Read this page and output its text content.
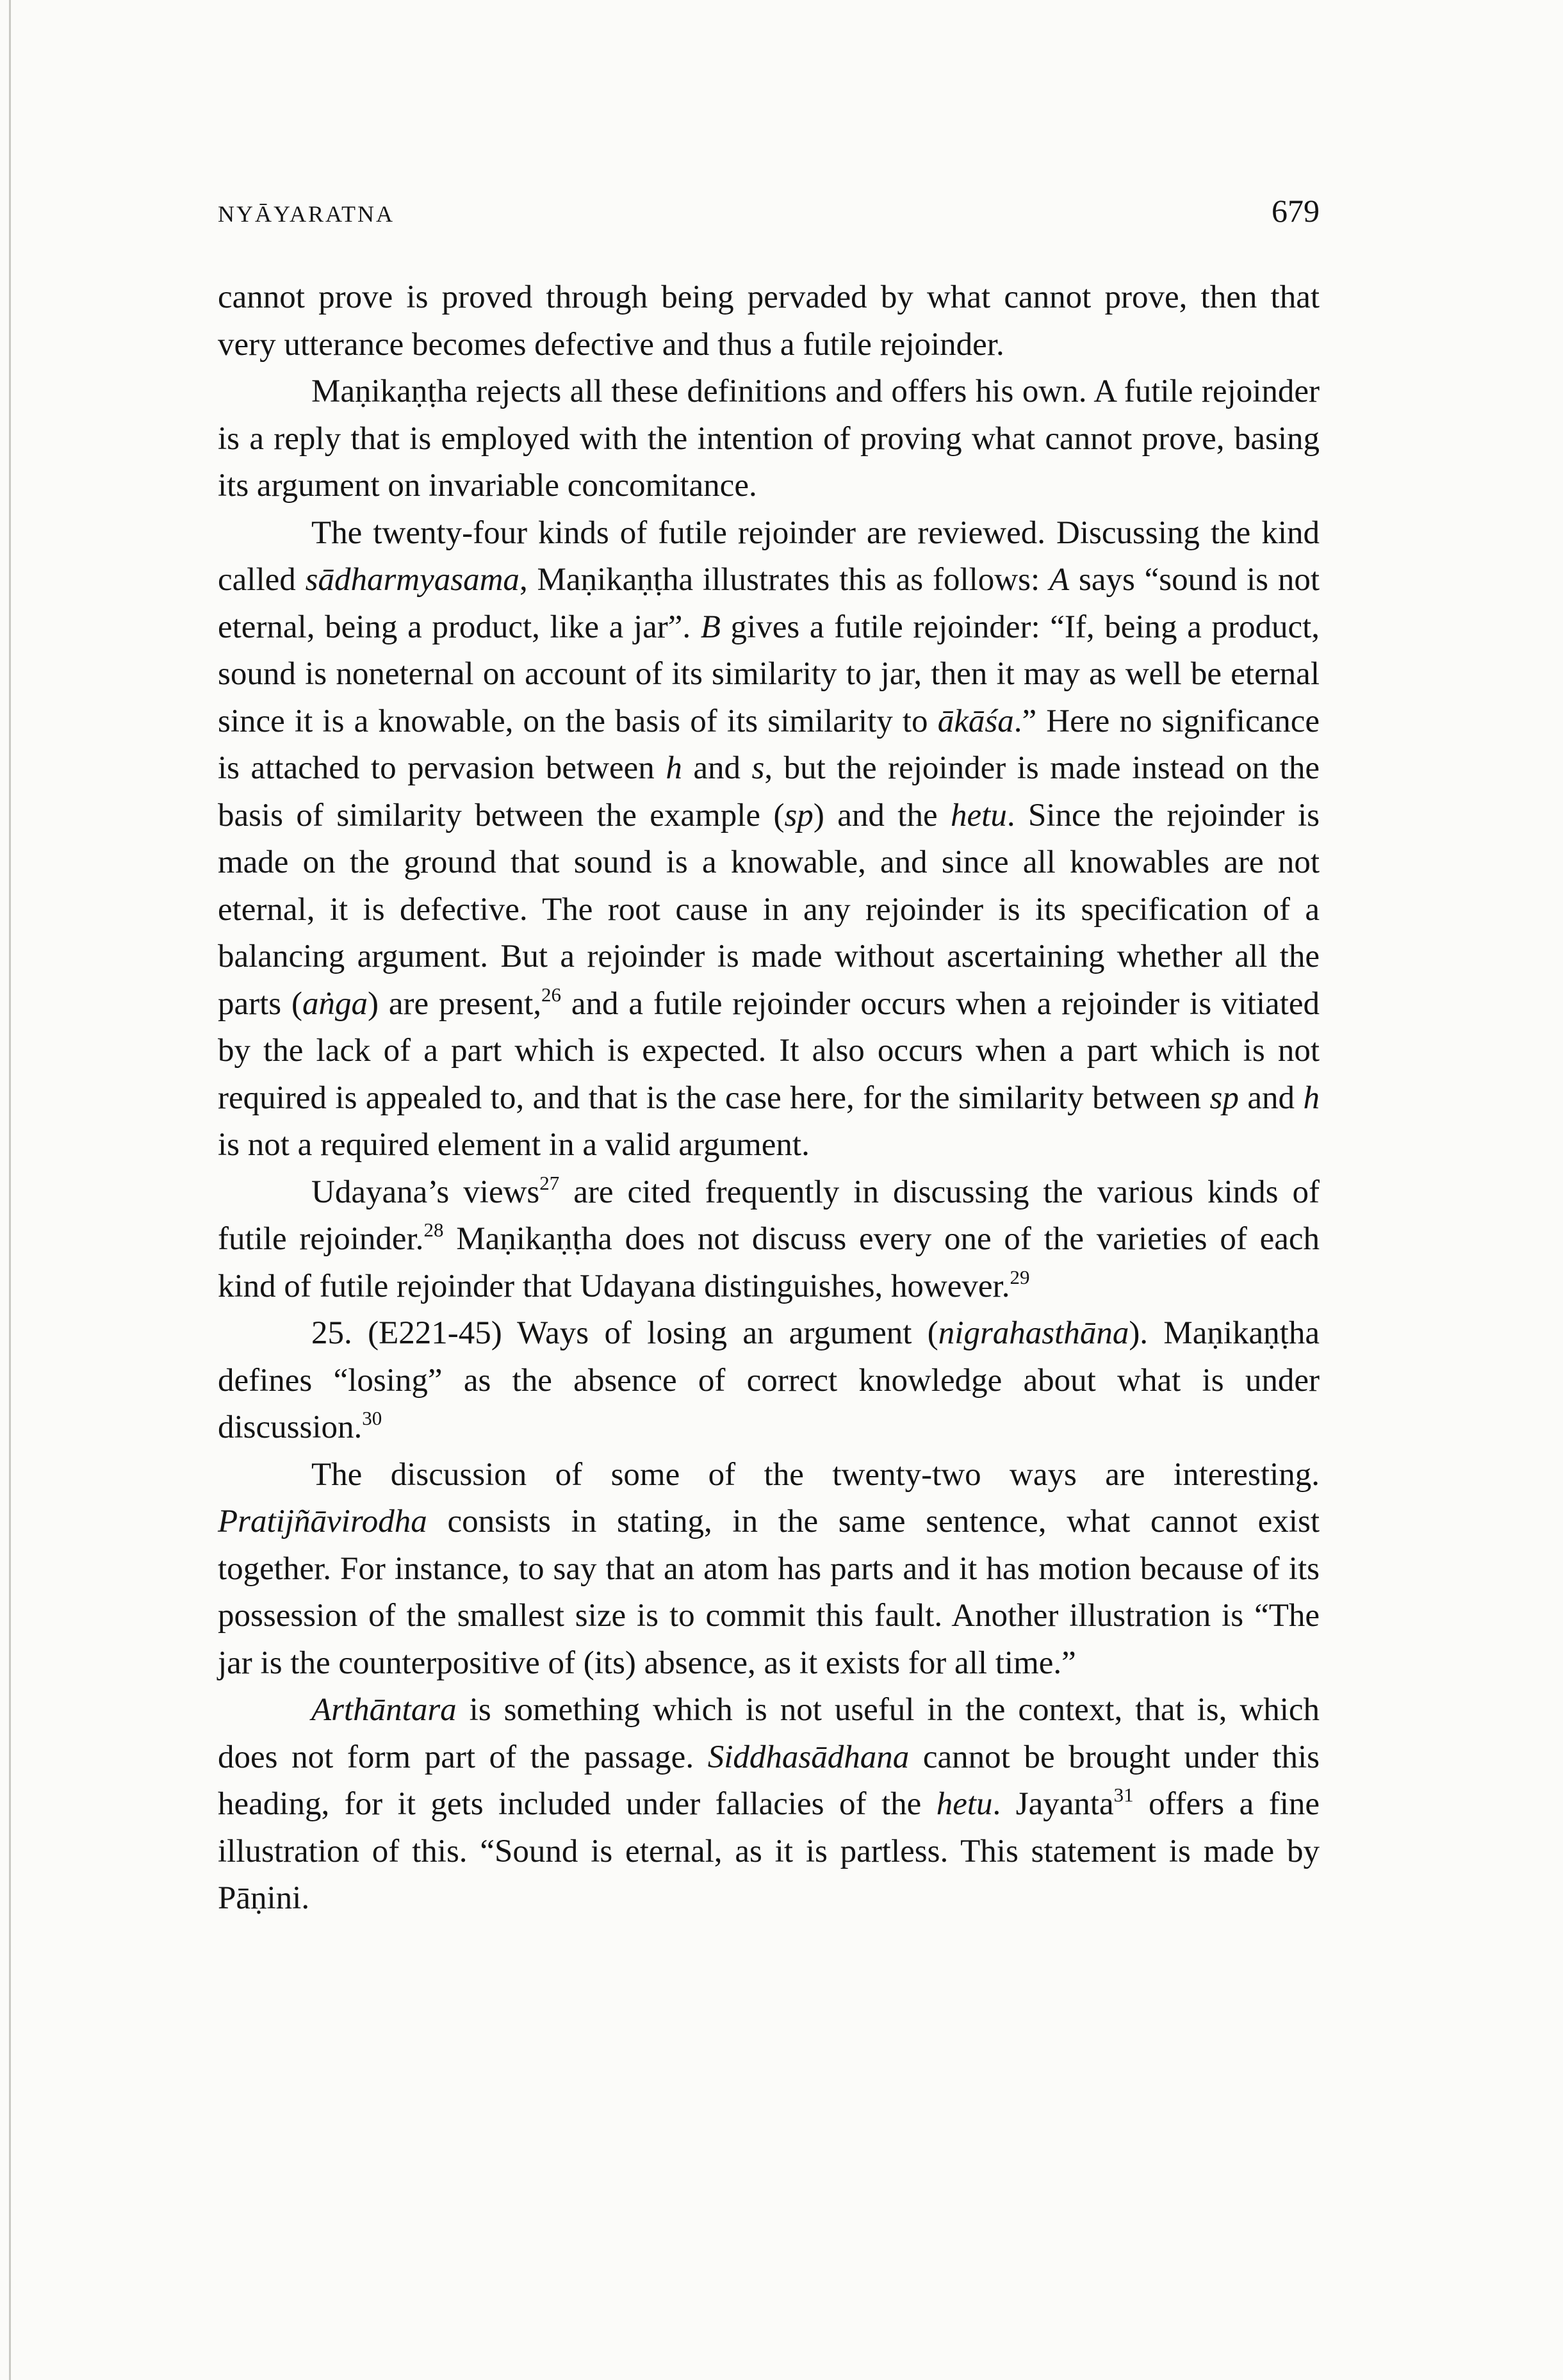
NYĀYARATNA	679

cannot prove is proved through being pervaded by what cannot prove, then that very utterance becomes defective and thus a futile rejoinder.

Maṇikaṇṭha rejects all these definitions and offers his own. A futile rejoinder is a reply that is employed with the intention of proving what cannot prove, basing its argument on invariable concomitance.

The twenty-four kinds of futile rejoinder are reviewed. Discussing the kind called sādharmyasama, Maṇikaṇṭha illustrates this as follows: A says “sound is not eternal, being a product, like a jar”. B gives a futile rejoinder: “If, being a product, sound is noneternal on account of its similarity to jar, then it may as well be eternal since it is a knowable, on the basis of its similarity to ākāśa.” Here no significance is attached to pervasion between h and s, but the rejoinder is made instead on the basis of similarity between the example (sp) and the hetu. Since the rejoinder is made on the ground that sound is a knowable, and since all knowables are not eternal, it is defective. The root cause in any rejoinder is its specification of a balancing argument. But a rejoinder is made without ascertaining whether all the parts (aṅga) are present,$^{26}$ and a futile rejoinder occurs when a rejoinder is vitiated by the lack of a part which is expected. It also occurs when a part which is not required is appealed to, and that is the case here, for the similarity between sp and h is not a required element in a valid argument.

Udayana’s views$^{27}$ are cited frequently in discussing the various kinds of futile rejoinder.$^{28}$ Maṇikaṇṭha does not discuss every one of the varieties of each kind of futile rejoinder that Udayana distinguishes, however.$^{29}$

25. (E221-45) Ways of losing an argument (nigrahasthāna). Maṇikaṇṭha defines “losing” as the absence of correct knowledge about what is under discussion.$^{30}$

The discussion of some of the twenty-two ways are interesting. Pratijñāvirodha consists in stating, in the same sentence, what cannot exist together. For instance, to say that an atom has parts and it has motion because of its possession of the smallest size is to commit this fault. Another illustration is “The jar is the counterpositive of (its) absence, as it exists for all time.”

Arthāntara is something which is not useful in the context, that is, which does not form part of the passage. Siddhasādhana cannot be brought under this heading, for it gets included under fallacies of the hetu. Jayanta$^{31}$ offers a fine illustration of this. “Sound is eternal, as it is partless. This statement is made by Pāṇini.
